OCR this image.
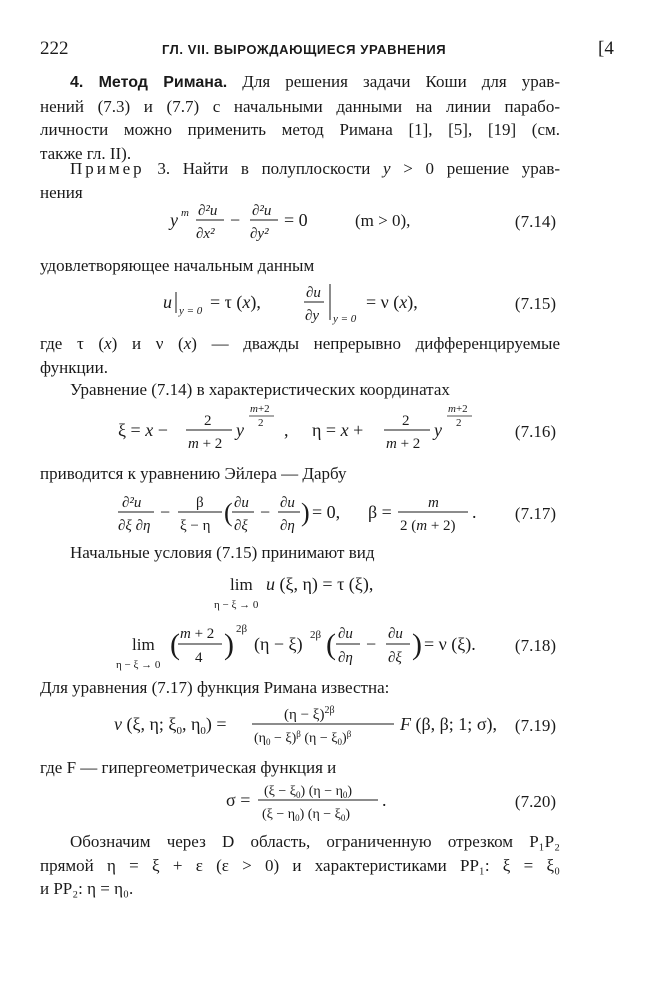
222	ГЛ. VII. ВЫРОЖДАЮЩИЕСЯ УРАВНЕНИЯ	[4
4. Метод Римана. Для решения задачи Коши для урав-
нений (7.3) и (7.7) с начальными данными на линии парабо-
личности можно применить метод Римана [1], [5], [19] (см.
также гл. II).
Пример 3. Найти в полуплоскости y > 0 решение урав-
нения
y m ∂²u
∂x²
− ∂²u
∂y²
= 0	(m > 0),	(7.14)
удовлетворяющее начальным данным
u y = 0 = τ (x),	∂u
∂y y = 0
= ν (x),	(7.15)
где τ (x) и ν (x) — дважды непрерывно дифференцируемые
функции.
Уравнение (7.14) в характеристических координатах
ξ = x − 2
m + 2
y
m+2
2 , η = x +	2
m + 2
y
m+2
2	(7.16)
приводится к уравнению Эйлера — Дарбу
∂²u
∂ξ ∂η
− β
ξ − η ( ∂u
∂ξ
− ∂u
∂η ) = 0, β = m
2 (m + 2)
. (7.17)
Начальные условия (7.15) принимают вид
lim
η − ξ → 0
u (ξ, η) = τ (ξ),
lim
η − ξ → 0
( m + 2
4 ) 2β
(η − ξ) 2β ( ∂u
∂η
− ∂u
∂ξ ) = ν (ξ). (7.18)
Для уравнения (7.17) функция Римана известна:
v (ξ, η; $\xi_0$, $\eta_0$) =	$(\eta - \xi)^{2\beta}$
$(\eta_0 - \xi)^\beta$ $(\eta - \xi_0)^\beta$	F (β, β; 1; σ), (7.19)
где F — гипергеометрическая функция и
$\sigma = (\xi - \xi_0)$ $(\eta - \eta_0)$
$(\xi - \eta_0)$ $(\eta - \xi_0)$
.	(7.20)
Обозначим через D область, ограниченную отрезком P₁P₂
прямой η = ξ + ε (ε > 0) и характеристиками PP₁: ξ = ξ₀
и PP₂: η = η₀.
